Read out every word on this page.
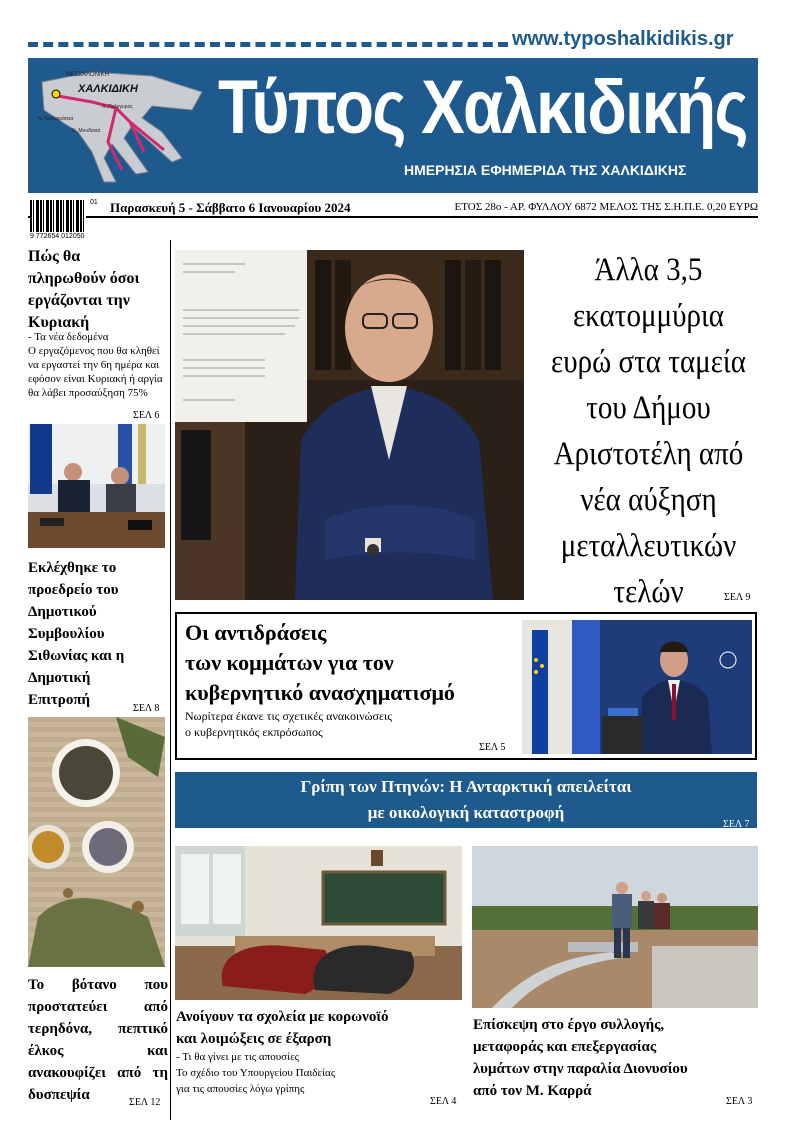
www.typoshalkidikis.gr
ΘΕΣΣΑΛΟΝΙΚΗ
ΧΑΛΚΙΔΙΚΗ
Ν. Καλλικράτεια
Χ. Πολύγυρος
Ν. Μουδανιά Τύπος Χαλκιδικής
ΗΜΕΡΗΣΙΑ ΕΦΗΜΕΡΙΔΑ ΤΗΣ ΧΑΛΚΙΔΙΚΗΣ
9 772654 012050
01 Παρασκευή 5 - Σάββατο 6 Ιανουαρίου 2024	ΕΤΟΣ 28ο - ΑΡ. ΦΥΛΛΟΥ 6872 ΜΕΛΟΣ ΤΗΣ Σ.Η.Π.Ε. 0,20 ΕΥΡΩ
Πώς θα πληρωθούν όσοι εργάζονται την Κυριακή
- Τα νέα δεδομένα
Ο εργαζόμενος που θα κληθεί να εργαστεί την 6η ημέρα και εφόσον είναι Κυριακή ή αργία θα λάβει προσαύξηση 75%
ΣΕΛ 6
Εκλέχθηκε το προεδρείο του Δημοτικού Συμβουλίου Σιθωνίας και η Δημοτική Επιτροπή
ΣΕΛ 8
Το βότανο που προστατεύει από τερηδόνα, πεπτικό έλκος και ανακουφίζει από τη δυσπεψία	ΣΕΛ 12
Άλλα 3,5 εκατομμύρια ευρώ στα ταμεία του Δήμου Αριστοτέλη από νέα αύξηση μεταλλευτικών τελών	ΣΕΛ 9
Οι αντιδράσεις
των κομμάτων για τον
κυβερνητικό ανασχηματισμό
Νωρίτερα έκανε τις σχετικές ανακοινώσεις
ο κυβερνητικός εκπρόσωπος
ΣΕΛ 5
Γρίπη των Πτηνών: Η Ανταρκτική απειλείται
με οικολογική καταστροφή
ΣΕΛ 7
Ανοίγουν τα σχολεία με κορωνοϊό
και λοιμώξεις σε έξαρση
- Τι θα γίνει με τις απουσίες
Το σχέδιο του Υπουργείου Παιδείας
για τις απουσίες λόγω γρίπης
ΣΕΛ 4
Επίσκεψη στο έργο συλλογής,
μεταφοράς και επεξεργασίας
λυμάτων στην παραλία Διονυσίου
από τον Μ. Καρρά
ΣΕΛ 3
